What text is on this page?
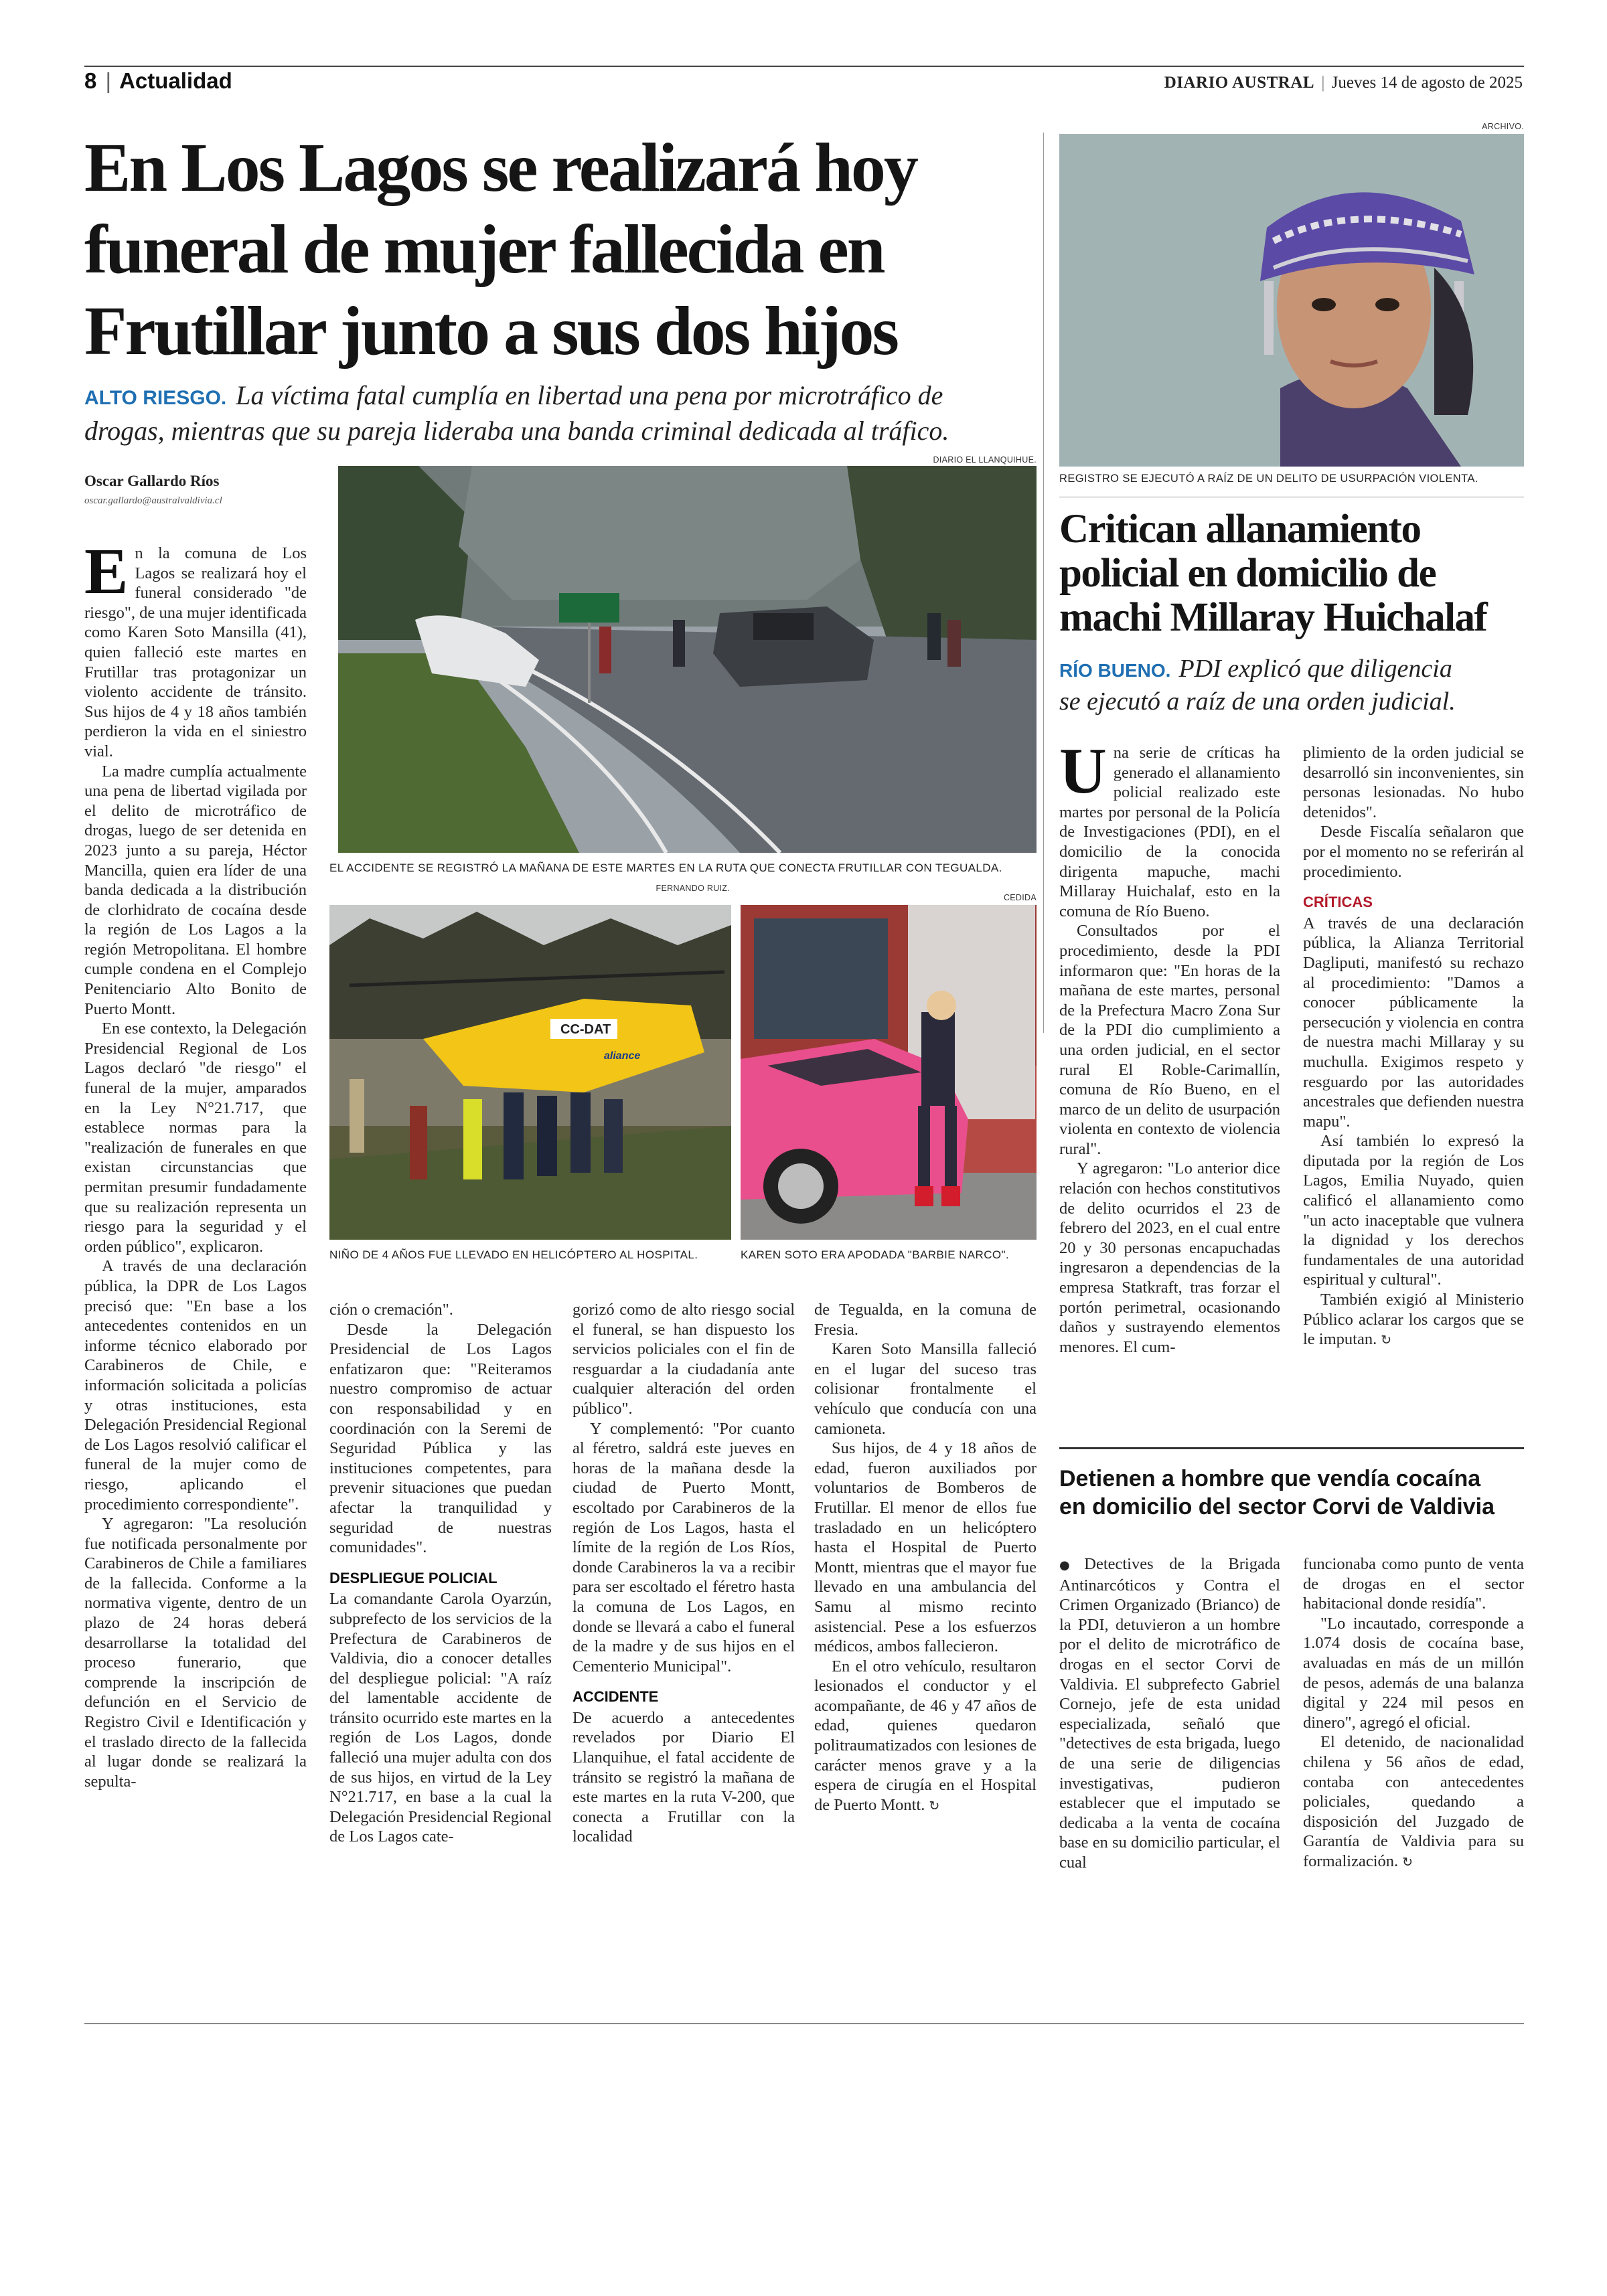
8 | Actualidad	DIARIO AUSTRAL | Jueves 14 de agosto de 2025
En Los Lagos se realizará hoy
funeral de mujer fallecida en
Frutillar junto a sus dos hijos
ALTO RIESGO. La víctima fatal cumplía en libertad una pena por microtráfico de
drogas, mientras que su pareja lideraba una banda criminal dedicada al tráfico.
Oscar Gallardo Ríos
oscar.gallardo@australvaldivia.cl
DIARIO EL LLANQUIHUE.
EL ACCIDENTE SE REGISTRÓ LA MAÑANA DE ESTE MARTES EN LA RUTA QUE CONECTA FRUTILLAR CON TEGUALDA.
FERNANDO RUIZ.
CC-DAT
aliance
NIÑO DE 4 AÑOS FUE LLEVADO EN HELICÓPTERO AL HOSPITAL.
CEDIDA
KAREN SOTO ERA APODADA "BARBIE NARCO".

En la comuna de Los Lagos se realizará hoy el funeral considerado "de riesgo", de una mujer identificada como Karen Soto Mansilla (41), quien falleció este martes en Frutillar tras protagonizar un violento accidente de tránsito. Sus hijos de 4 y 18 años también perdieron la vida en el siniestro vial.

La madre cumplía actualmente una pena de libertad vigilada por el delito de microtráfico de drogas, luego de ser detenida en 2023 junto a su pareja, Héctor Mancilla, quien era líder de una banda dedicada a la distribución de clorhidrato de cocaína desde la región de Los Lagos a la región Metropolitana. El hombre cumple condena en el Complejo Penitenciario Alto Bonito de Puerto Montt.

En ese contexto, la Delegación Presidencial Regional de Los Lagos declaró "de riesgo" el funeral de la mujer, amparados en la Ley N°21.717, que establece normas para la "realización de funerales en que existan circunstancias que permitan presumir fundadamente que su realización representa un riesgo para la seguridad y el orden público", explicaron.

A través de una declaración pública, la DPR de Los Lagos precisó que: "En base a los antecedentes contenidos en un informe técnico elaborado por Carabineros de Chile, e información solicitada a policías y otras instituciones, esta Delegación Presidencial Regional de Los Lagos resolvió calificar el funeral de la mujer como de riesgo, aplicando el procedimiento correspondiente".

Y agregaron: "La resolución fue notificada personalmente por Carabineros de Chile a familiares de la fallecida. Conforme a la normativa vigente, dentro de un plazo de 24 horas deberá desarrollarse la totalidad del proceso funerario, que comprende la inscripción de defunción en el Servicio de Registro Civil e Identificación y el traslado directo de la fallecida al lugar donde se realizará la sepulta-

ción o cremación".

Desde la Delegación Presidencial de Los Lagos enfatizaron que: "Reiteramos nuestro compromiso de actuar con responsabilidad y en coordinación con la Seremi de Seguridad Pública y las instituciones competentes, para prevenir situaciones que puedan afectar la tranquilidad y seguridad de nuestras comunidades".

DESPLIEGUE POLICIAL

La comandante Carola Oyarzún, subprefecto de los servicios de la Prefectura de Carabineros de Valdivia, dio a conocer detalles del despliegue policial: "A raíz del lamentable accidente de tránsito ocurrido este martes en la región de Los Lagos, donde falleció una mujer adulta con dos de sus hijos, en virtud de la Ley N°21.717, en base a la cual la Delegación Presidencial Regional de Los Lagos cate-

gorizó como de alto riesgo social el funeral, se han dispuesto los servicios policiales con el fin de resguardar a la ciudadanía ante cualquier alteración del orden público".

Y complementó: "Por cuanto al féretro, saldrá este jueves en horas de la mañana desde la ciudad de Puerto Montt, escoltado por Carabineros de la región de Los Lagos, hasta el límite de la región de Los Ríos, donde Carabineros la va a recibir para ser escoltado el féretro hasta la comuna de Los Lagos, en donde se llevará a cabo el funeral de la madre y de sus hijos en el Cementerio Municipal".

ACCIDENTE

De acuerdo a antecedentes revelados por Diario El Llanquihue, el fatal accidente de tránsito se registró la mañana de este martes en la ruta V-200, que conecta a Frutillar con la localidad

de Tegualda, en la comuna de Fresia.

Karen Soto Mansilla falleció en el lugar del suceso tras colisionar frontalmente el vehículo que conducía con una camioneta.

Sus hijos, de 4 y 18 años de edad, fueron auxiliados por voluntarios de Bomberos de Frutillar. El menor de ellos fue trasladado en un helicóptero hasta el Hospital de Puerto Montt, mientras que el mayor fue llevado en una ambulancia del Samu al mismo recinto asistencial. Pese a los esfuerzos médicos, ambos fallecieron.

En el otro vehículo, resultaron lesionados el conductor y el acompañante, de 46 y 47 años de edad, quienes quedaron politraumatizados con lesiones de carácter menos grave y a la espera de cirugía en el Hospital de Puerto Montt. ↻

ARCHIVO.
REGISTRO SE EJECUTÓ A RAÍZ DE UN DELITO DE USURPACIÓN VIOLENTA.
Critican allanamiento
policial en domicilio de
machi Millaray Huichalaf
RÍO BUENO. PDI explicó que diligencia
se ejecutó a raíz de una orden judicial.

Una serie de críticas ha generado el allanamiento policial realizado este martes por personal de la Policía de Investigaciones (PDI), en el domicilio de la conocida dirigenta mapuche, machi Millaray Huichalaf, esto en la comuna de Río Bueno.

Consultados por el procedimiento, desde la PDI informaron que: "En horas de la mañana de este martes, personal de la Prefectura Macro Zona Sur de la PDI dio cumplimiento a una orden judicial, en el sector rural El Roble-Carimallín, comuna de Río Bueno, en el marco de un delito de usurpación violenta en contexto de violencia rural".

Y agregaron: "Lo anterior dice relación con hechos constitutivos de delito ocurridos el 23 de febrero del 2023, en el cual entre 20 y 30 personas encapuchadas ingresaron a dependencias de la empresa Statkraft, tras forzar el portón perimetral, ocasionando daños y sustrayendo elementos menores. El cum-

plimiento de la orden judicial se desarrolló sin inconvenientes, sin personas lesionadas. No hubo detenidos".

Desde Fiscalía señalaron que por el momento no se referirán al procedimiento.

CRÍTICAS

A través de una declaración pública, la Alianza Territorial Dagliputi, manifestó su rechazo al procedimiento: "Damos a conocer públicamente la persecución y violencia en contra de nuestra machi Millaray y su muchulla. Exigimos respeto y resguardo por las autoridades ancestrales que defienden nuestra mapu".

Así también lo expresó la diputada por la región de Los Lagos, Emilia Nuyado, quien calificó el allanamiento como "un acto inaceptable que vulnera la dignidad y los derechos fundamentales de una autoridad espiritual y cultural".

También exigió al Ministerio Público aclarar los cargos que se le imputan. ↻

Detienen a hombre que vendía cocaína
en domicilio del sector Corvi de Valdivia

● Detectives de la Brigada Antinarcóticos y Contra el Crimen Organizado (Brianco) de la PDI, detuvieron a un hombre por el delito de microtráfico de drogas en el sector Corvi de Valdivia. El subprefecto Gabriel Cornejo, jefe de esta unidad especializada, señaló que "detectives de esta brigada, luego de una serie de diligencias investigativas, pudieron establecer que el imputado se dedicaba a la venta de cocaína base en su domicilio particular, el cual

funcionaba como punto de venta de drogas en el sector habitacional donde residía".

"Lo incautado, corresponde a 1.074 dosis de cocaína base, avaluadas en más de un millón de pesos, además de una balanza digital y 224 mil pesos en dinero", agregó el oficial.

El detenido, de nacionalidad chilena y 56 años de edad, contaba con antecedentes policiales, quedando a disposición del Juzgado de Garantía de Valdivia para su formalización. ↻
